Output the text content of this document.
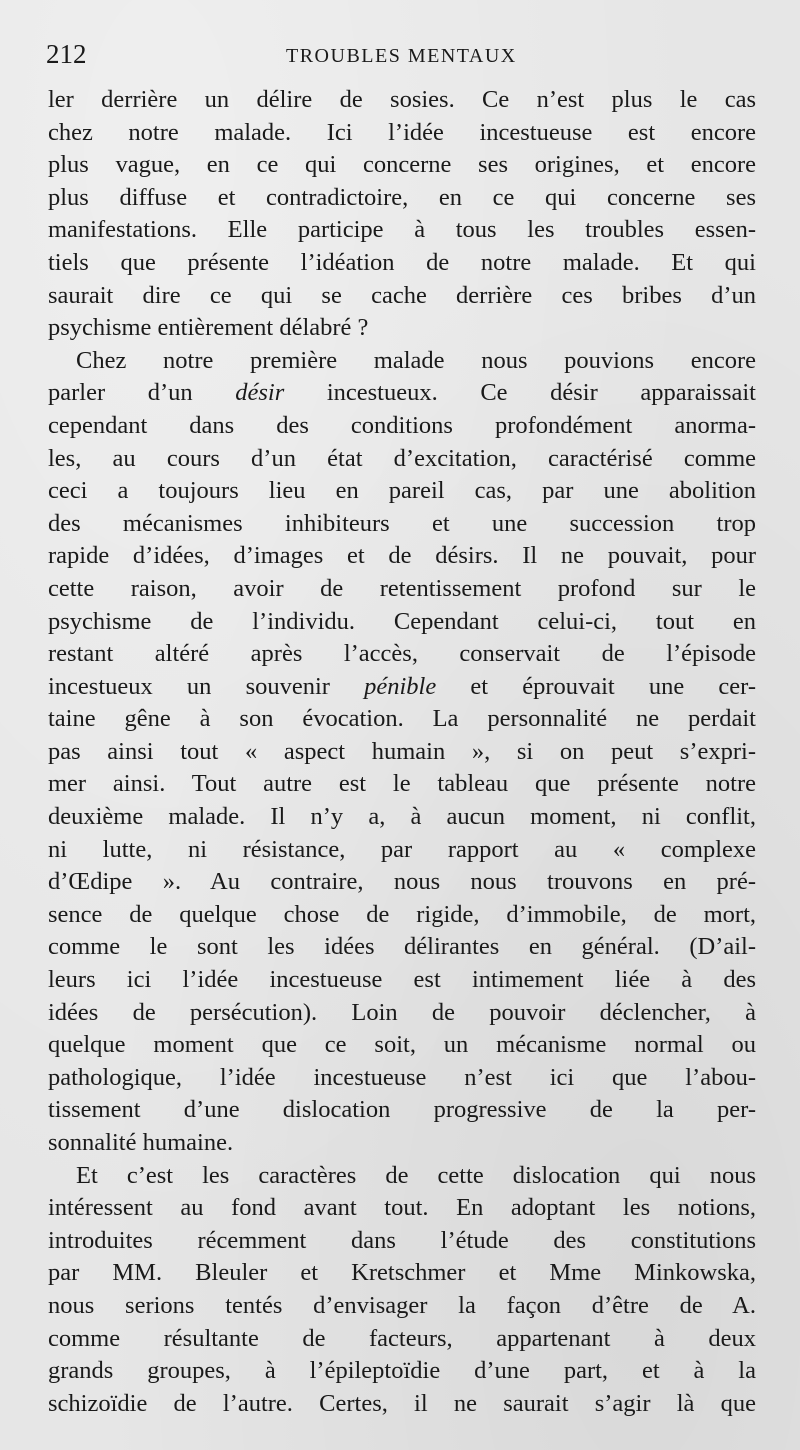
212	TROUBLES MENTAUX
ler derrière un délire de sosies. Ce n’est plus le cas
chez notre malade. Ici l’idée incestueuse est encore
plus vague, en ce qui concerne ses origines, et encore
plus diffuse et contradictoire, en ce qui concerne ses
manifestations. Elle participe à tous les troubles essen-
tiels que présente l’idéation de notre malade. Et qui
saurait dire ce qui se cache derrière ces bribes d’un
psychisme entièrement délabré ?
Chez notre première malade nous pouvions encore
parler d’un désir incestueux. Ce désir apparaissait
cependant dans des conditions profondément anorma-
les, au cours d’un état d’excitation, caractérisé comme
ceci a toujours lieu en pareil cas, par une abolition
des mécanismes inhibiteurs et une succession trop
rapide d’idées, d’images et de désirs. Il ne pouvait, pour
cette raison, avoir de retentissement profond sur le
psychisme de l’individu. Cependant celui-ci, tout en
restant altéré après l’accès, conservait de l’épisode
incestueux un souvenir pénible et éprouvait une cer-
taine gêne à son évocation. La personnalité ne perdait
pas ainsi tout « aspect humain », si on peut s’expri-
mer ainsi. Tout autre est le tableau que présente notre
deuxième malade. Il n’y a, à aucun moment, ni conflit,
ni lutte, ni résistance, par rapport au « complexe
d’Œdipe ». Au contraire, nous nous trouvons en pré-
sence de quelque chose de rigide, d’immobile, de mort,
comme le sont les idées délirantes en général. (D’ail-
leurs ici l’idée incestueuse est intimement liée à des
idées de persécution). Loin de pouvoir déclencher, à
quelque moment que ce soit, un mécanisme normal ou
pathologique, l’idée incestueuse n’est ici que l’abou-
tissement d’une dislocation progressive de la per-
sonnalité humaine.
Et c’est les caractères de cette dislocation qui nous
intéressent au fond avant tout. En adoptant les notions,
introduites récemment dans l’étude des constitutions
par MM. Bleuler et Kretschmer et Mme Minkowska,
nous serions tentés d’envisager la façon d’être de A.
comme résultante de facteurs, appartenant à deux
grands groupes, à l’épileptoïdie d’une part, et à la
schizoïdie de l’autre. Certes, il ne saurait s’agir là que
